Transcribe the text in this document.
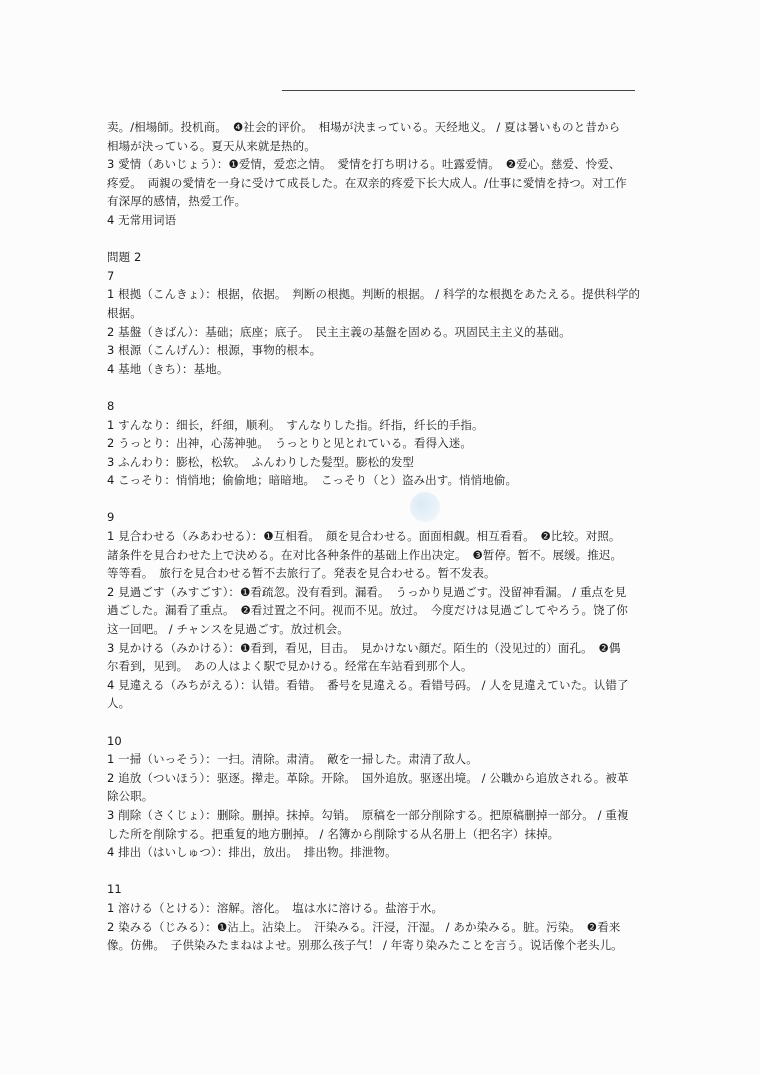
卖。/相場師。投机商。　❹社会的评价。　相場が決まっている。天经地义。 / 夏は暑いものと昔から
相場が決っている。夏天从来就是热的。
3 愛情（あいじょう）：❶爱情，爱恋之情。　愛情を打ち明ける。吐露爱情。　❷爱心。慈爱、怜爱、
疼爱。　両親の愛情を一身に受けて成長した。在双亲的疼爱下长大成人。/仕事に愛情を持つ。对工作
有深厚的感情，热爱工作。
4 无常用词语
問題 2
7
1 根拠（こんきょ）：根据，依据。　判断の根拠。判断的根据。 / 科学的な根拠をあたえる。提供科学的
根据。
2 基盤（きばん）：基础；底座；底子。　民主主義の基盤を固める。巩固民主主义的基础。
3 根源（こんげん）：根源，事物的根本。
4 基地（きち）：基地。
8
1 すんなり：细长，纤细，顺利。　すんなりした指。纤指，纤长的手指。
2 うっとり：出神，心荡神驰。　うっとりと见とれている。看得入迷。
3 ふんわり：膨松，松软。　ふんわりした髪型。膨松的发型
4 こっそり：悄悄地；偷偷地；暗暗地。　こっそり（と）盗み出す。悄悄地偷。
9
1 見合わせる（みあわせる）：❶互相看。　顔を見合わせる。面面相觑。相互看看。　❷比较。对照。
諸条件を見合わせた上で決める。在对比各种条件的基础上作出决定。　❸暂停。暂不。展缓。推迟。
等等看。　旅行を見合わせる暂不去旅行了。発表を見合わせる。暂不发表。
2 見過ごす（みすごす）：❶看疏忽。没有看到。漏看。　うっかり見過ごす。没留神看漏。 / 重点を見
過ごした。漏看了重点。　❷看过置之不问。视而不见。放过。　今度だけは見過ごしてやろう。饶了你
这一回吧。 / チャンスを見過ごす。放过机会。
3 見かける（みかける）：❶看到，看见，目击。　見かけない顔だ。陌生的（没见过的）面孔。　❷偶
尔看到，见到。　あの人はよく駅で見かける。经常在车站看到那个人。
4 見違える（みちがえる）：认错。看错。　番号を見違える。看错号码。 / 人を見違えていた。认错了
人。
10
1 一掃（いっそう）：一扫。清除。肃清。　敵を一掃した。肃清了敌人。
2 追放（ついほう）：驱逐。撵走。革除。开除。　国外追放。驱逐出境。 / 公職から追放される。被革
除公职。
3 削除（さくじょ）：删除。删掉。抹掉。勾销。　原稿を一部分削除する。把原稿删掉一部分。 / 重複
した所を削除する。把重复的地方删掉。 / 名簿から削除する从名册上（把名字）抹掉。
4 排出（はいしゅつ）：排出，放出。　排出物。排泄物。
11
1 溶ける（とける）：溶解。溶化。　塩は水に溶ける。盐溶于水。
2 染みる（じみる）：❶沾上。沾染上。　汗染みる。汗浸，汗湿。 / あか染みる。脏。污染。　❷看来
像。仿佛。　子供染みたまねはよせ。别那么孩子气！ / 年寄り染みたことを言う。说话像个老头儿。
